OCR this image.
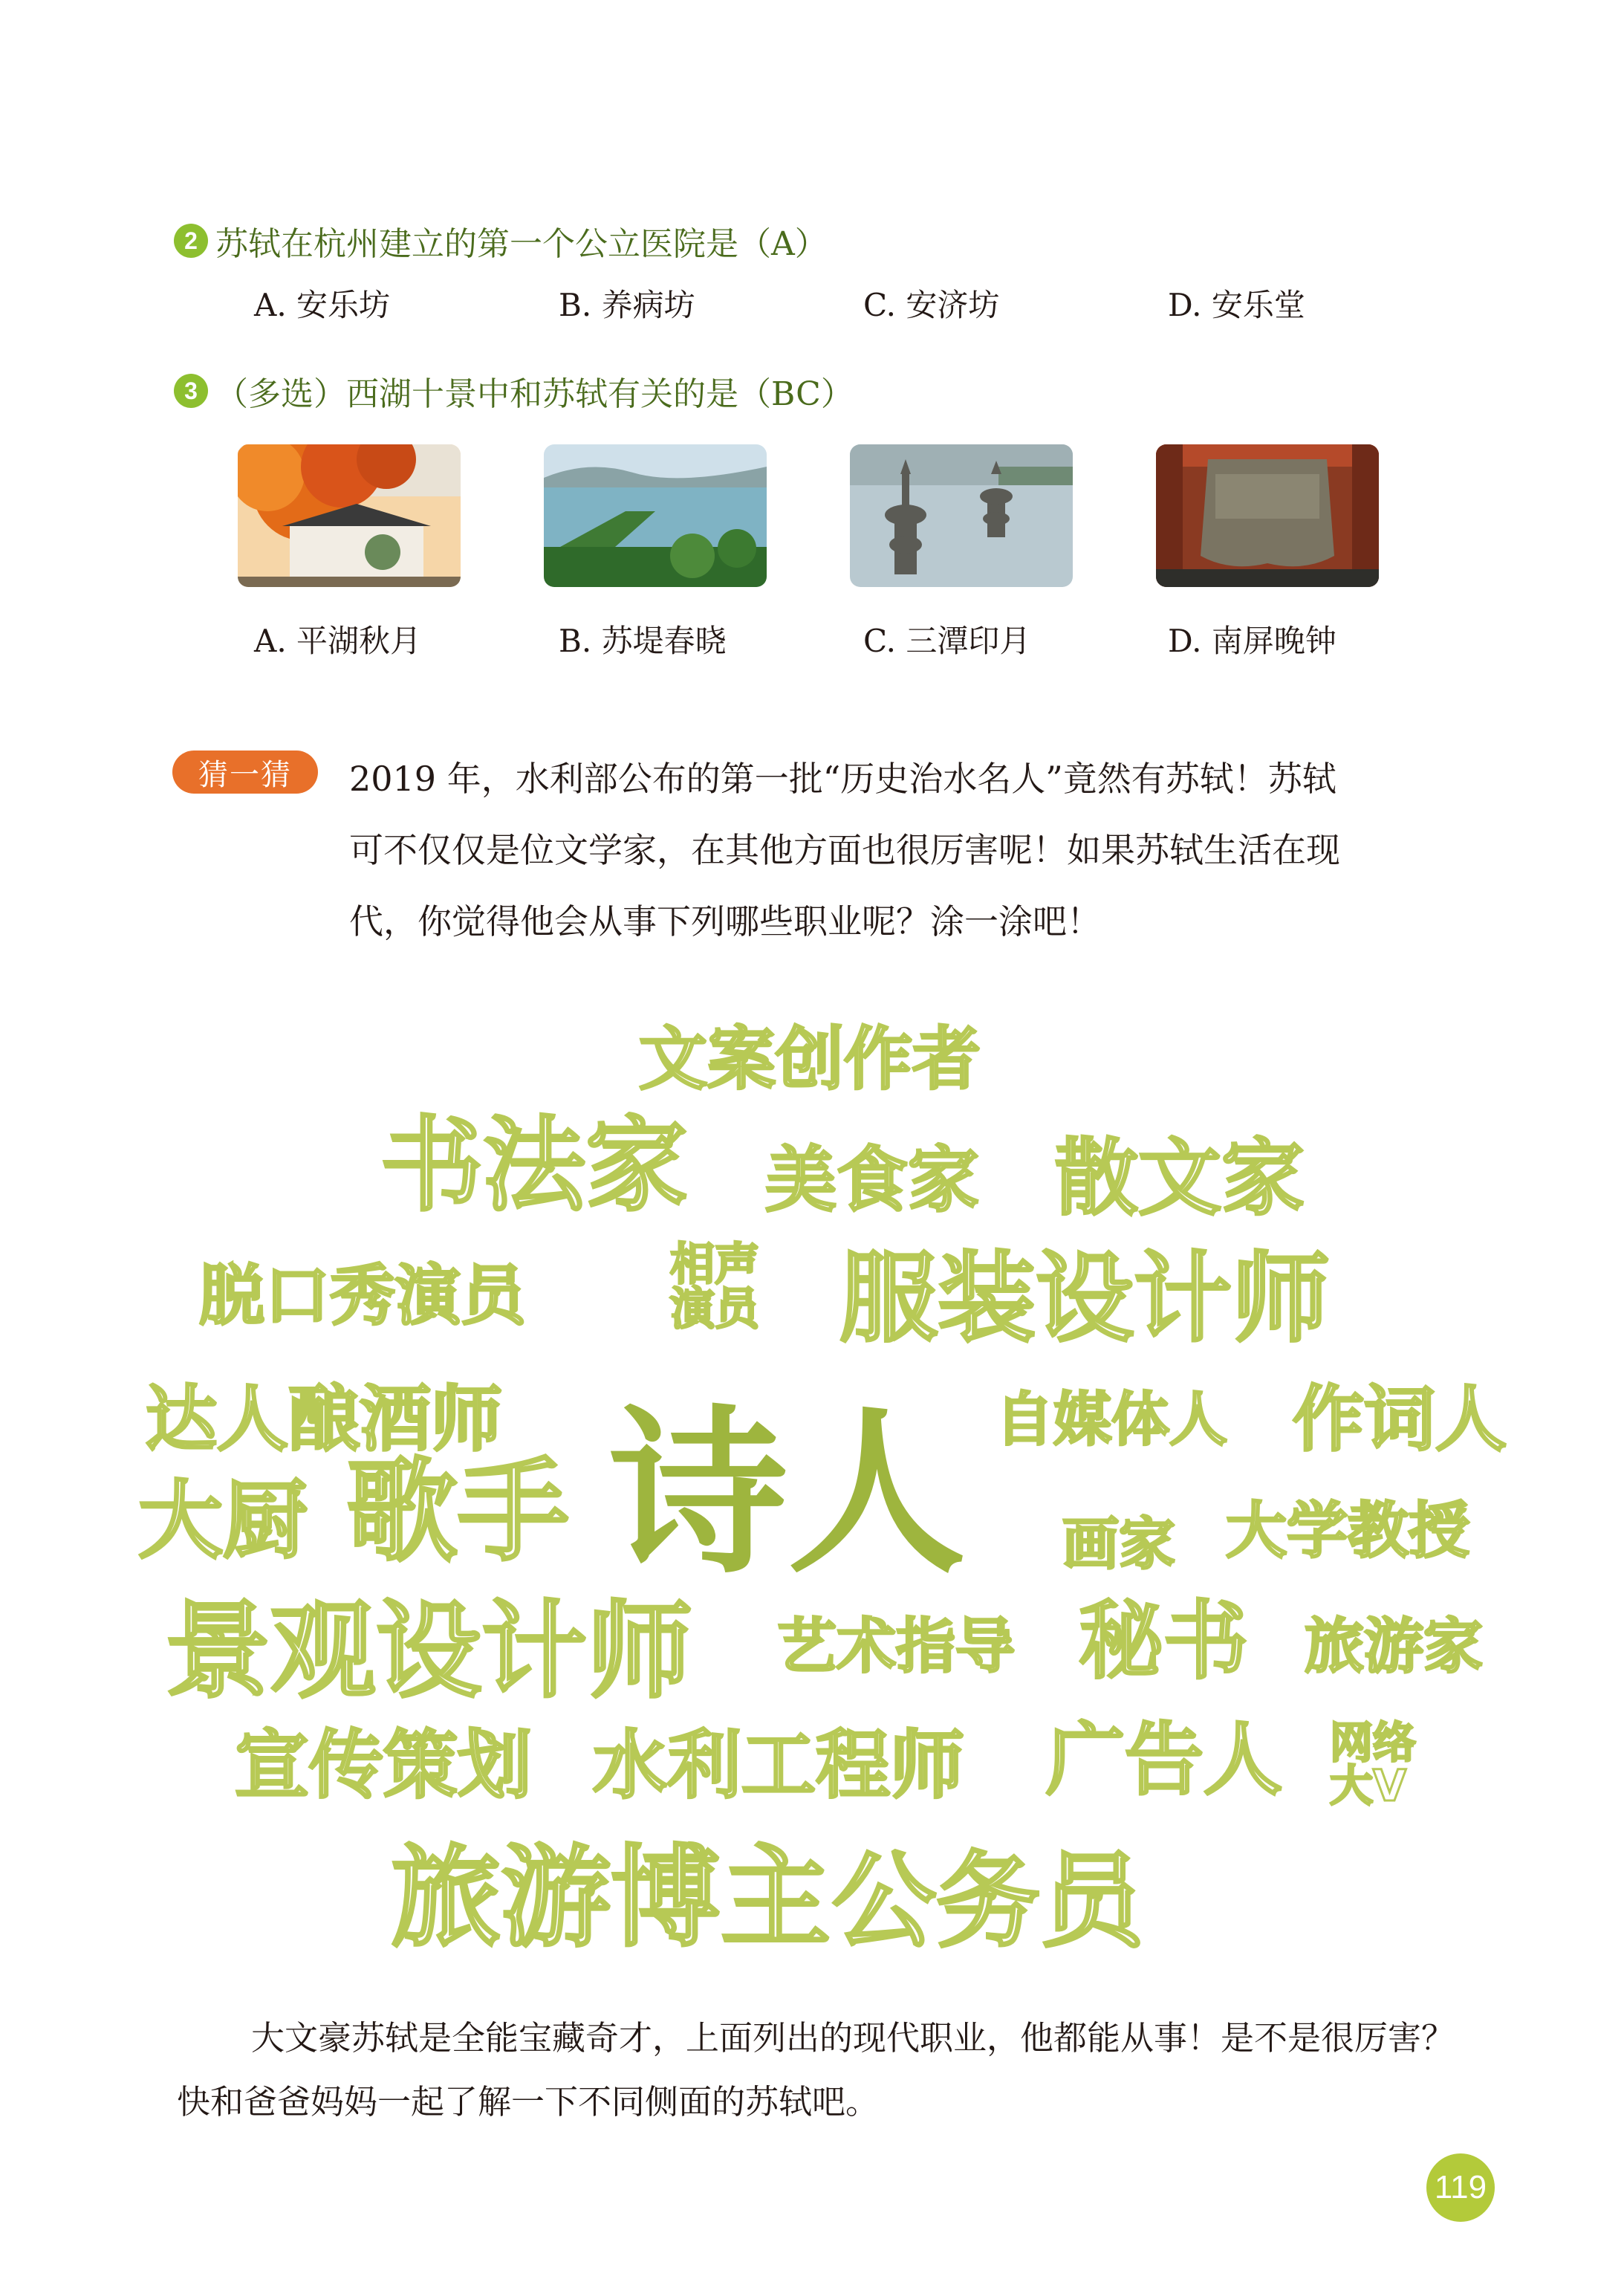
2 苏轼在杭州建立的第一个公立医院是（A）
A. 安乐坊	B. 养病坊	C. 安济坊	D. 安乐堂
3 （多选）西湖十景中和苏轼有关的是（BC）
A. 平湖秋月	B. 苏堤春晓	C. 三潭印月	D. 南屏晚钟
猜一猜	2019 年，水利部公布的第一批“历史治水名人”竟然有苏轼！苏轼
可不仅仅是位文学家，在其他方面也很厉害呢！如果苏轼生活在现
代，你觉得他会从事下列哪些职业呢？涂一涂吧！
文案创作者
书法家 美食家 散文家
脱口秀演员	相声
演员 服装设计师
达人酿酒师	自媒体人 作词人
大厨 歌手 诗人 画家 大学教授
景观设计师 艺术指导 秘书 旅游家
宣传策划 水利工程师 广告人 网络
大V
旅游博主 公务员
大文豪苏轼是全能宝藏奇才，上面列出的现代职业，他都能从事！是不是很厉害？快和爸爸妈妈一起了解一下不同侧面的苏轼吧。
119
